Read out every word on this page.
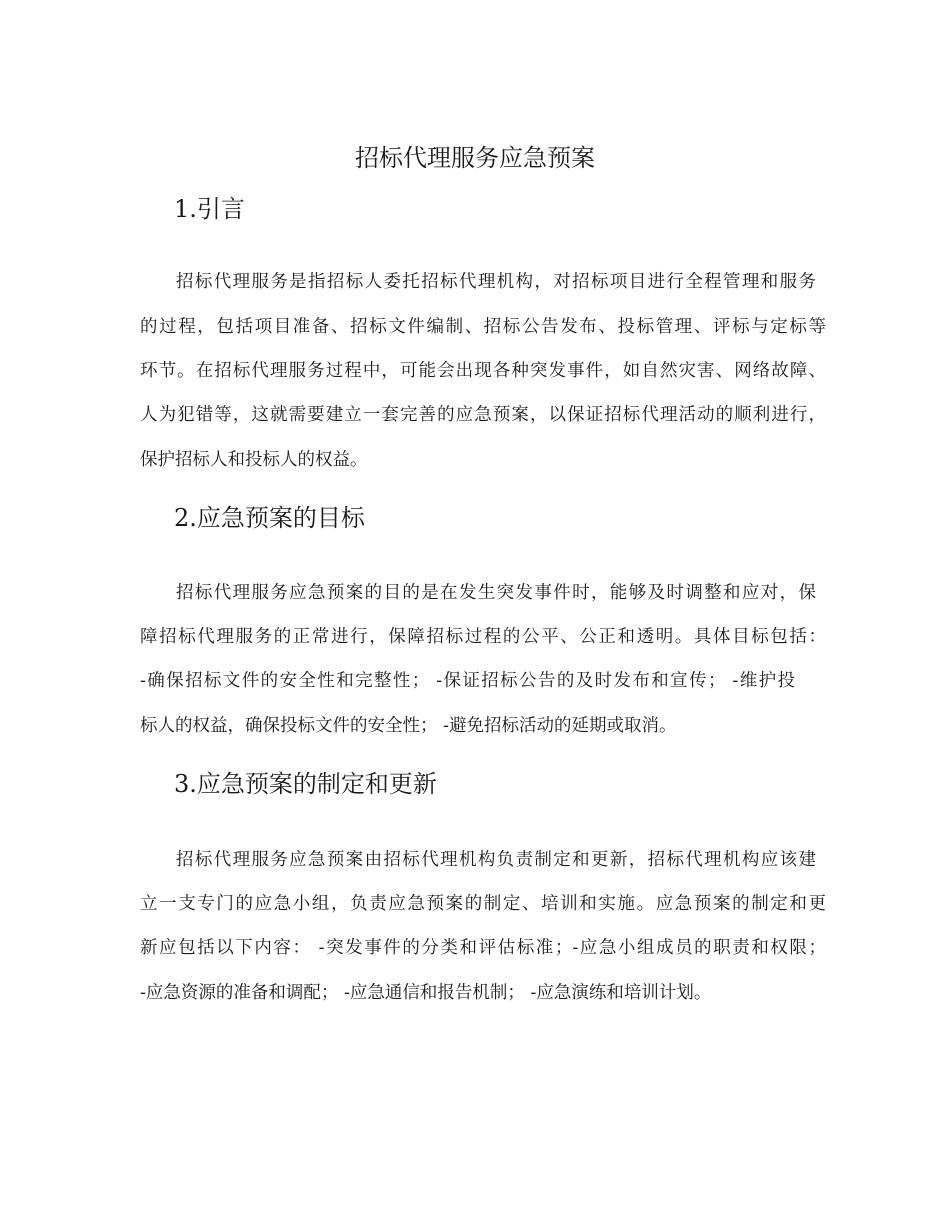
招标代理服务应急预案
1.引言

招标代理服务是指招标人委托招标代理机构，对招标项目进行全程管理和服务

的过程，包括项目准备、招标文件编制、招标公告发布、投标管理、评标与定标等

环节。在招标代理服务过程中，可能会出现各种突发事件，如自然灾害、网络故障、

人为犯错等，这就需要建立一套完善的应急预案，以保证招标代理活动的顺利进行，

保护招标人和投标人的权益。

2.应急预案的目标

招标代理服务应急预案的目的是在发生突发事件时，能够及时调整和应对，保

障招标代理服务的正常进行，保障招标过程的公平、公正和透明。具体目标包括：

-确保招标文件的安全性和完整性； -保证招标公告的及时发布和宣传； -维护投

标人的权益，确保投标文件的安全性； -避免招标活动的延期或取消。

3.应急预案的制定和更新

招标代理服务应急预案由招标代理机构负责制定和更新，招标代理机构应该建

立一支专门的应急小组，负责应急预案的制定、培训和实施。应急预案的制定和更

新应包括以下内容： -突发事件的分类和评估标准；-应急小组成员的职责和权限；

-应急资源的准备和调配； -应急通信和报告机制； -应急演练和培训计划。
